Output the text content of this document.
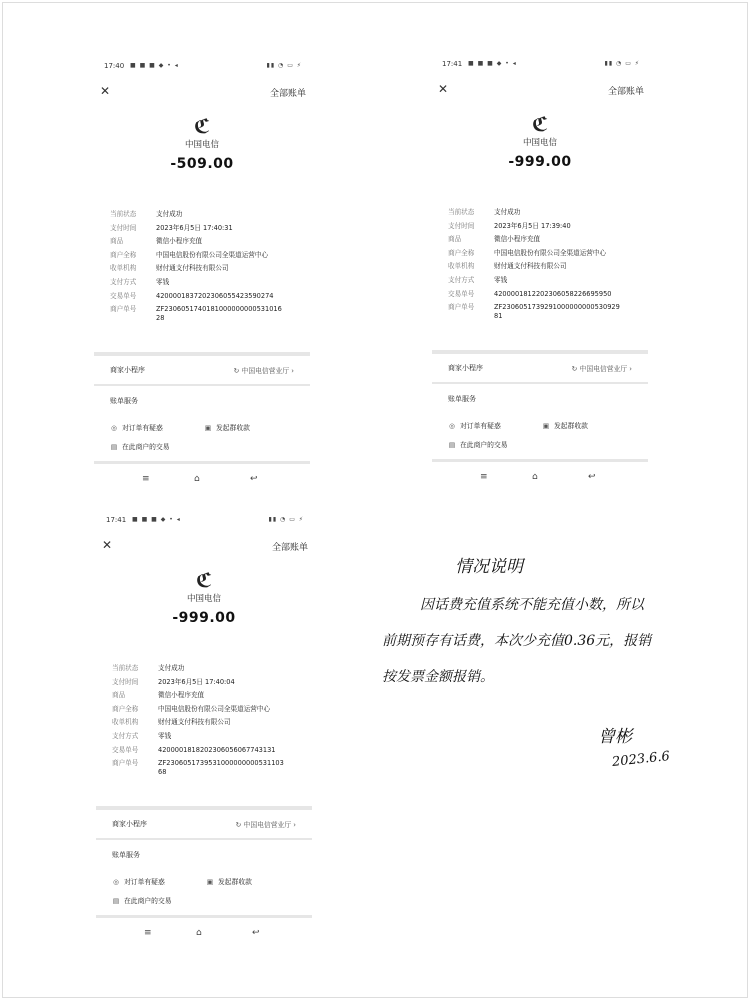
17:40 ■ ■ ■ ◆ • ◂	▮▮ ◔ ▭ ⚡
✕	全部账单
ℭ
中国电信
-509.00
当前状态	支付成功
支付时间	2023年6月5日 17:40:31
商品	微信小程序充值
商户全称	中国电信股份有限公司全渠道运营中心
收单机构	财付通支付科技有限公司
支付方式	零钱
交易单号	4200001837202306055423590274
商户单号	ZF2306051740181000000000531016
28
商家小程序	↻ 中国电信营业厅 ›
账单服务
◎ 对订单有疑惑	▣ 发起群收款
▤ 在此商户的交易
≡	⌂	↩
17:41 ■ ■ ■ ◆ • ◂	▮▮ ◔ ▭ ⚡
✕	全部账单
ℭ
中国电信
-999.00
当前状态	支付成功
支付时间	2023年6月5日 17:39:40
商品	微信小程序充值
商户全称	中国电信股份有限公司全渠道运营中心
收单机构	财付通支付科技有限公司
支付方式	零钱
交易单号	4200001812202306058226695950
商户单号	ZF2306051739291000000000530929
81
商家小程序	↻ 中国电信营业厅 ›
账单服务
◎ 对订单有疑惑	▣ 发起群收款
▤ 在此商户的交易
≡	⌂	↩
17:41 ■ ■ ■ ◆ • ◂	▮▮ ◔ ▭ ⚡
✕	全部账单
ℭ
中国电信
-999.00
当前状态	支付成功
支付时间	2023年6月5日 17:40:04
商品	微信小程序充值
商户全称	中国电信股份有限公司全渠道运营中心
收单机构	财付通支付科技有限公司
支付方式	零钱
交易单号	4200001818202306056067743131
商户单号	ZF2306051739531000000000531103
68
商家小程序	↻ 中国电信营业厅 ›
账单服务
◎ 对订单有疑惑	▣ 发起群收款
▤ 在此商户的交易
≡	⌂	↩
情况说明
因话费充值系统不能充值小数，所以
前期预存有话费，本次少充值0.36元，报销
按发票金额报销。
曾彬
2023.6.6
